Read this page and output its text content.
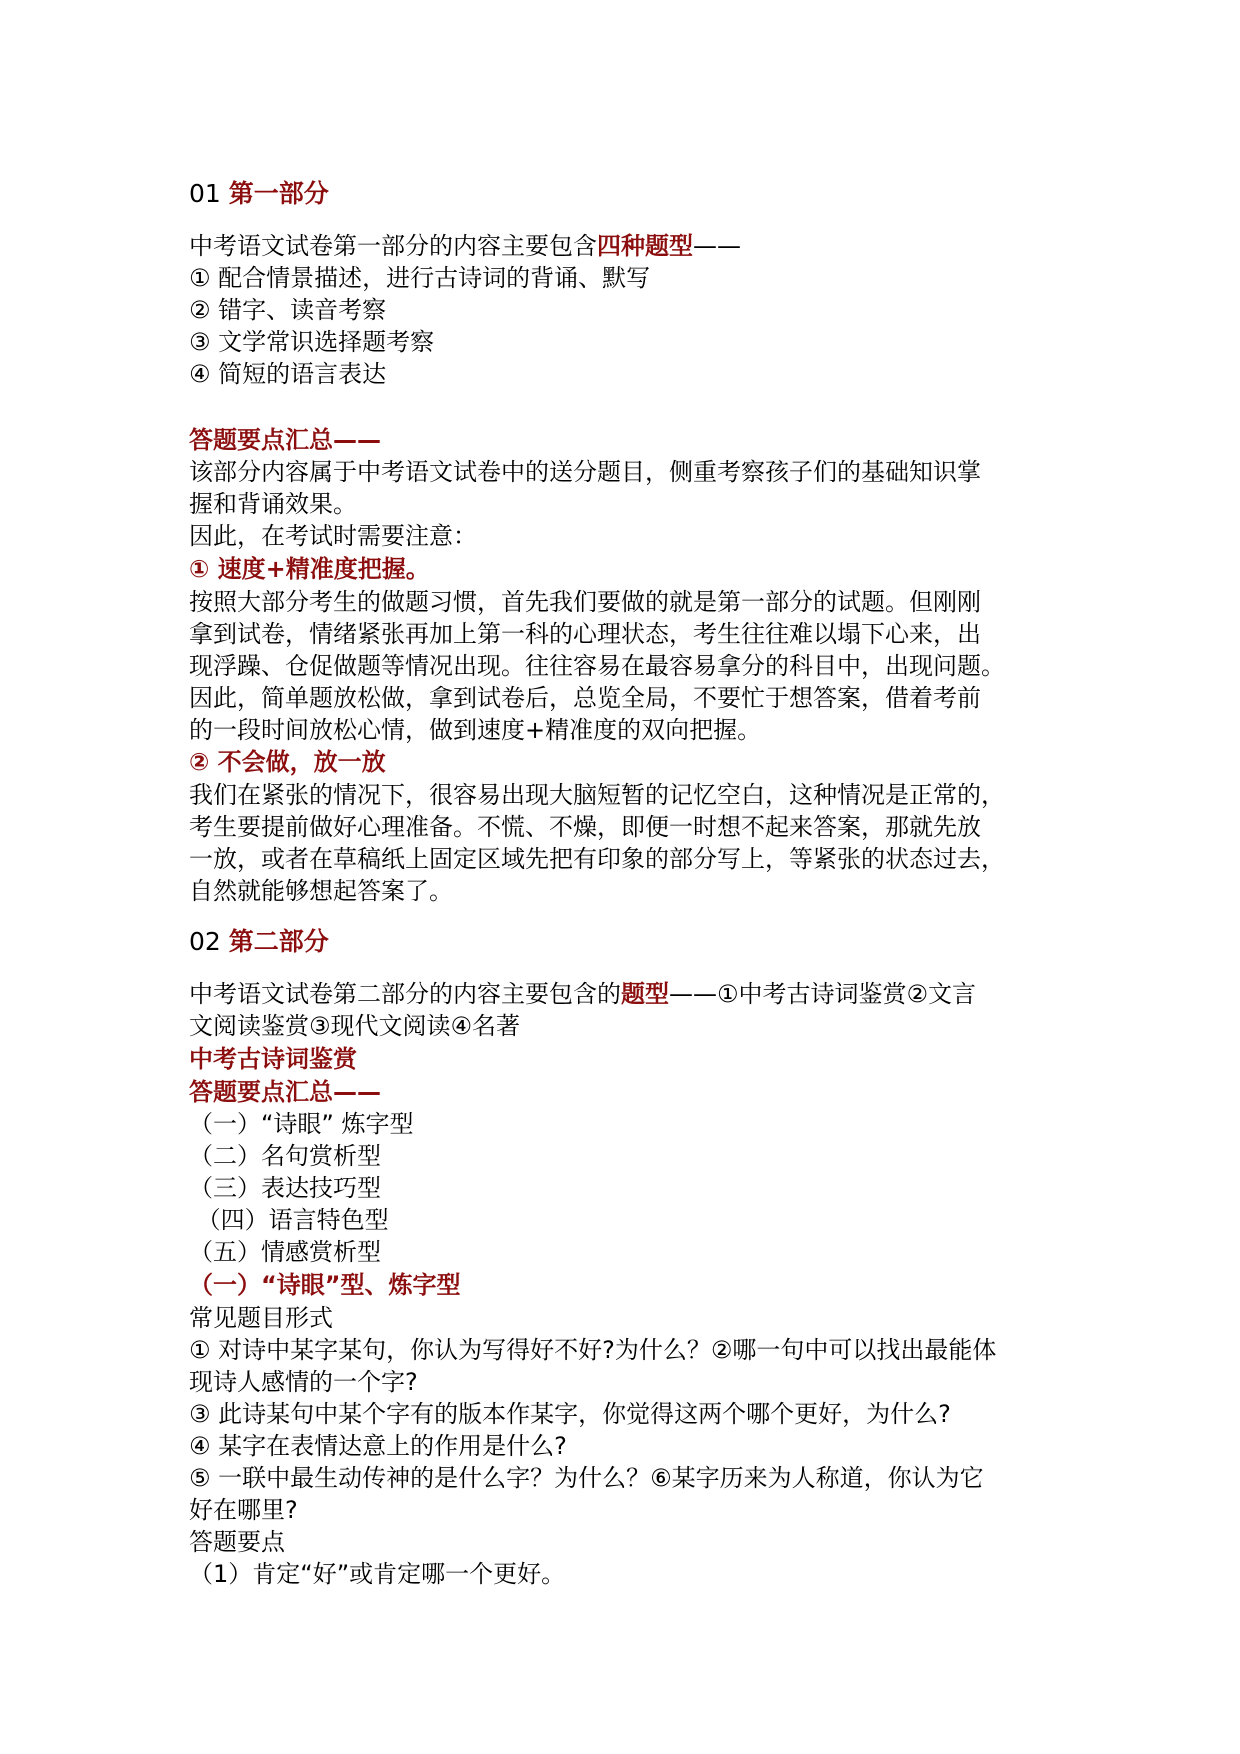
01 第一部分
中考语文试卷第一部分的内容主要包含四种题型——
① 配合情景描述，进行古诗词的背诵、默写
② 错字、读音考察
③ 文学常识选择题考察
④ 简短的语言表达
答题要点汇总——
该部分内容属于中考语文试卷中的送分题目，侧重考察孩子们的基础知识掌
握和背诵效果。
因此，在考试时需要注意：
① 速度+精准度把握。
按照大部分考生的做题习惯，首先我们要做的就是第一部分的试题。但刚刚
拿到试卷，情绪紧张再加上第一科的心理状态，考生往往难以塌下心来，出
现浮躁、仓促做题等情况出现。往往容易在最容易拿分的科目中，出现问题。
因此，简单题放松做，拿到试卷后，总览全局，不要忙于想答案，借着考前
的一段时间放松心情，做到速度+精准度的双向把握。
② 不会做，放一放
我们在紧张的情况下，很容易出现大脑短暂的记忆空白，这种情况是正常的，
考生要提前做好心理准备。不慌、不燥，即便一时想不起来答案，那就先放
一放，或者在草稿纸上固定区域先把有印象的部分写上，等紧张的状态过去，
自然就能够想起答案了。
02 第二部分
中考语文试卷第二部分的内容主要包含的题型——①中考古诗词鉴赏②文言
文阅读鉴赏③现代文阅读④名著
中考古诗词鉴赏
答题要点汇总——
（一）“诗眼” 炼字型
（二）名句赏析型
（三）表达技巧型
（四）语言特色型
（五）情感赏析型
（一）“诗眼”型、炼字型
常见题目形式
① 对诗中某字某句，你认为写得好不好?为什么？②哪一句中可以找出最能体
现诗人感情的一个字?
③ 此诗某句中某个字有的版本作某字，你觉得这两个哪个更好，为什么?
④ 某字在表情达意上的作用是什么?
⑤ 一联中最生动传神的是什么字？为什么？⑥某字历来为人称道，你认为它
好在哪里?
答题要点
（1）肯定“好”或肯定哪一个更好。
